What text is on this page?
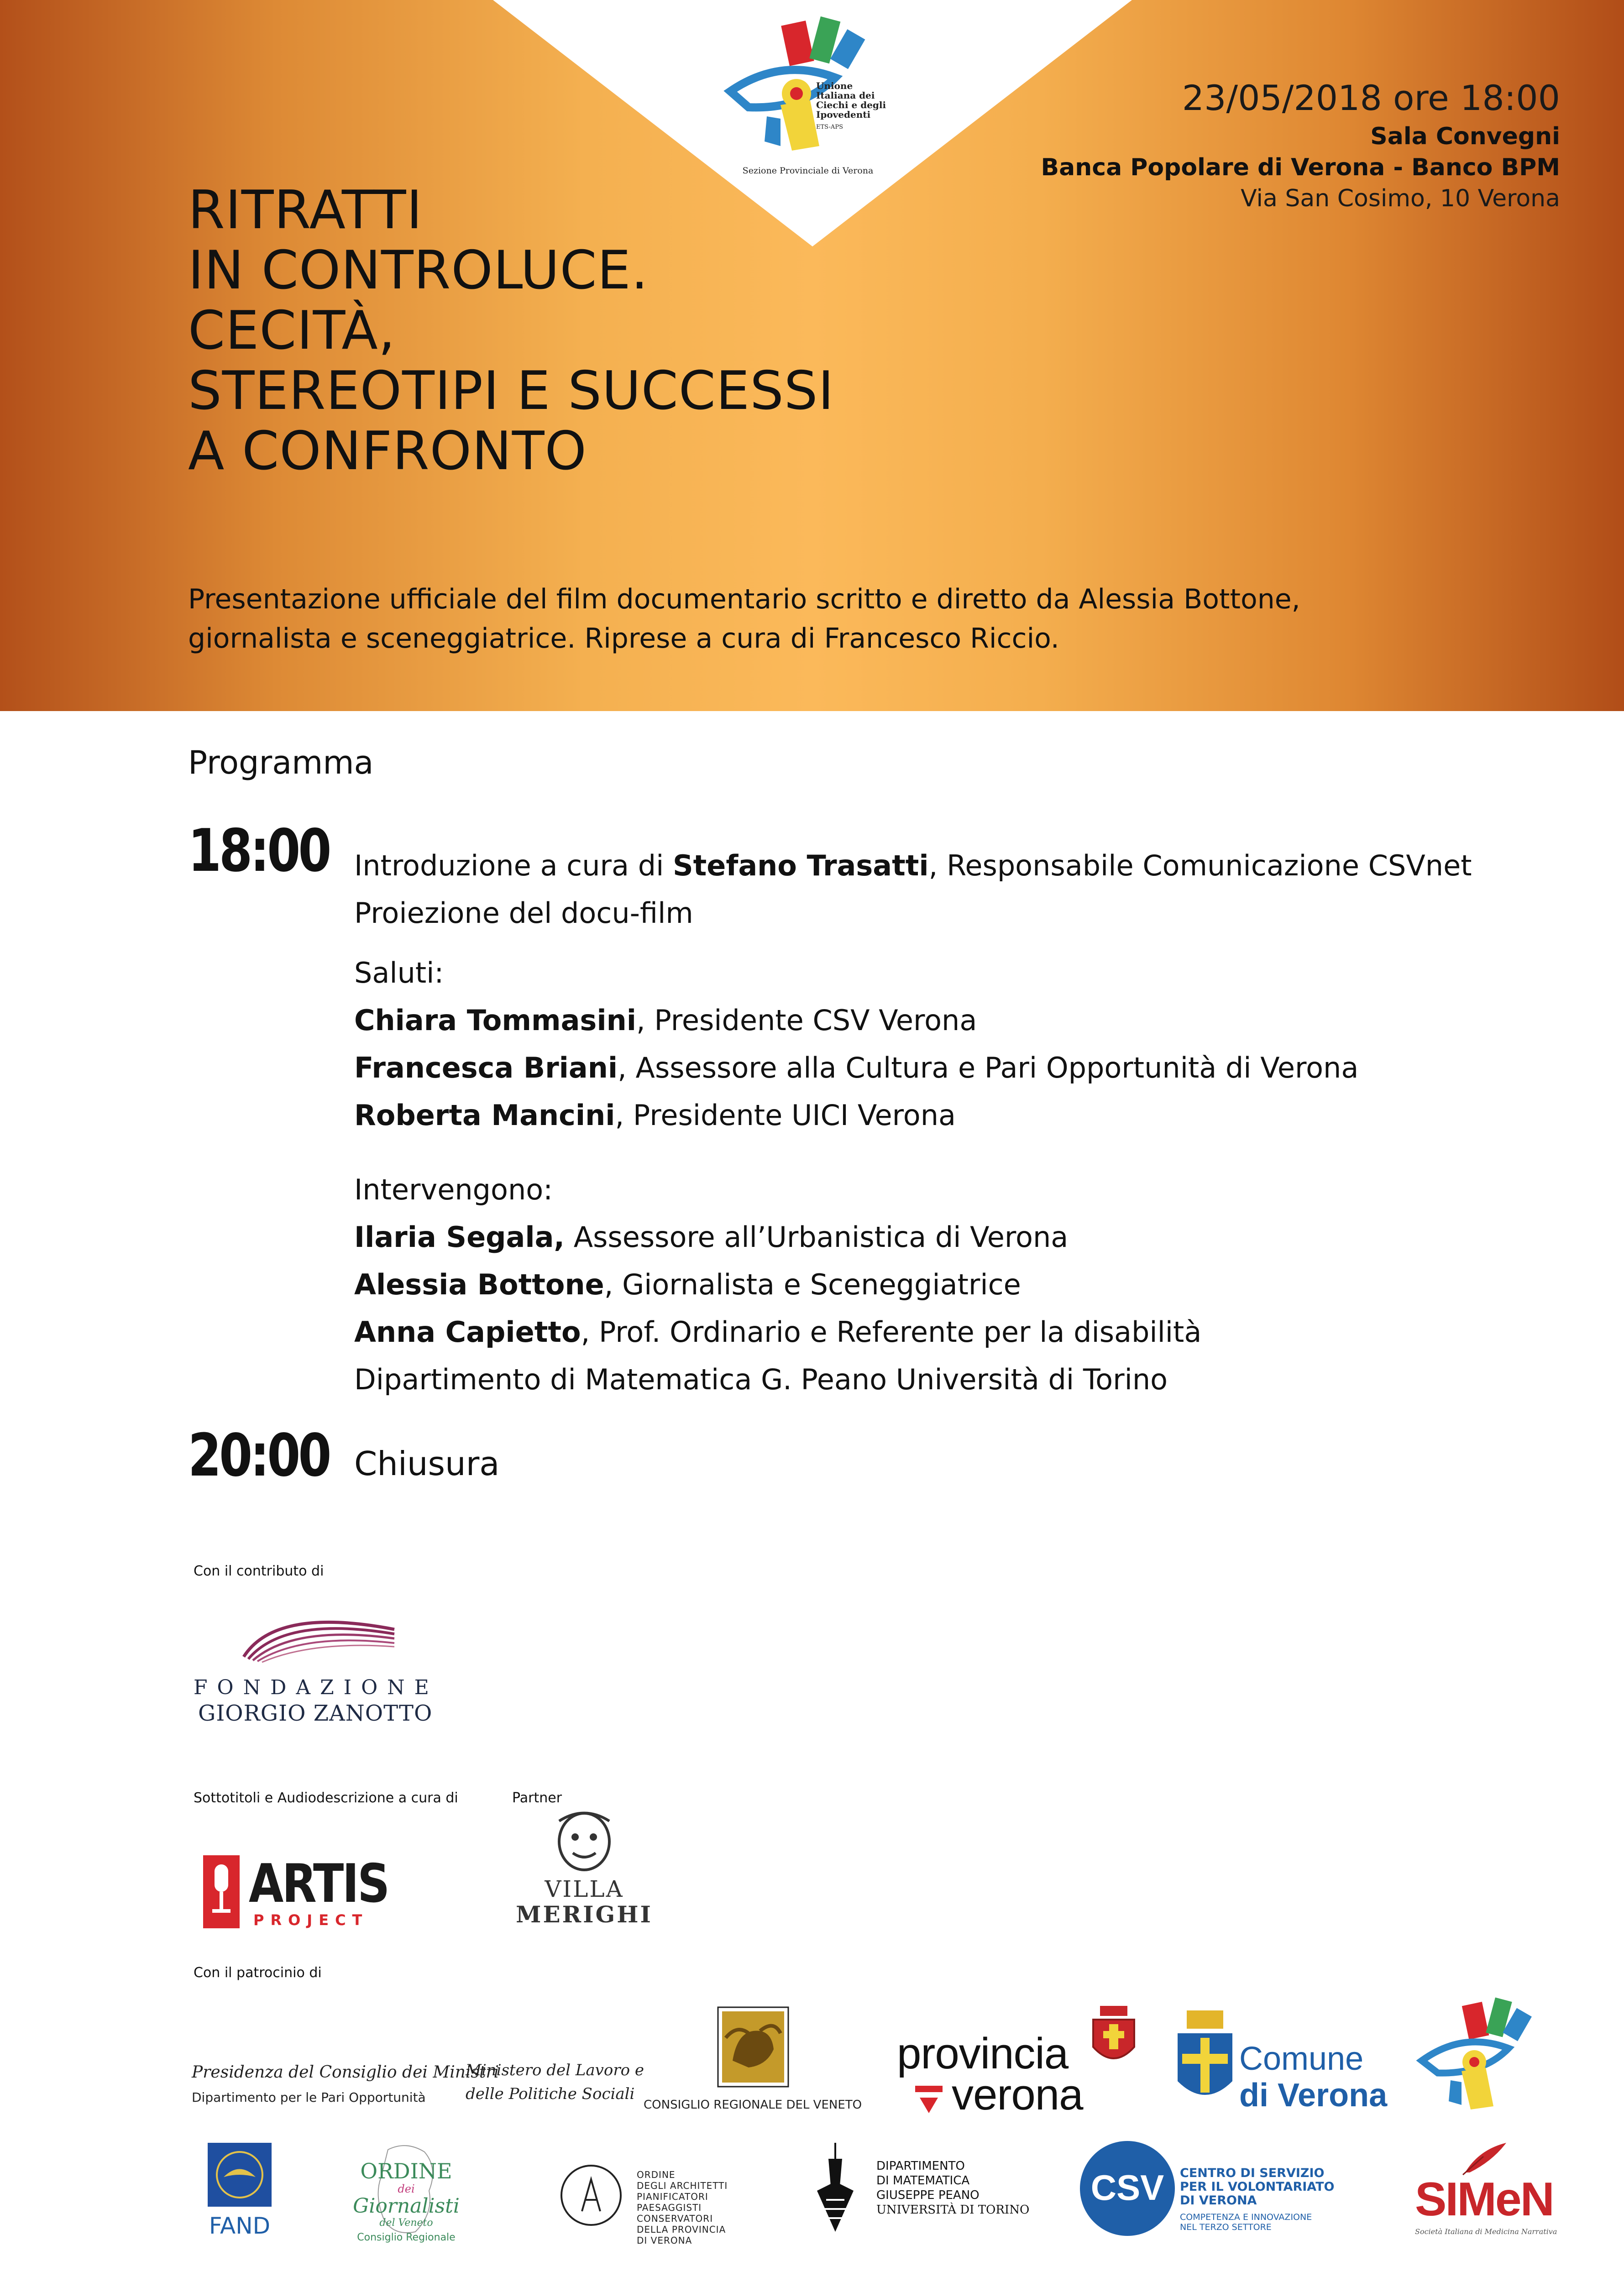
Unione
Italiana dei
Ciechi e degli
Ipovedenti
ETS-APS
Sezione Provinciale di Verona
23/05/2018 ore 18:00
Sala Convegni
Banca Popolare di Verona - Banco BPM
Via San Cosimo, 10 Verona
RITRATTI
IN CONTROLUCE.
CECITÀ,
STEREOTIPI E SUCCESSI
A CONFRONTO
Presentazione ufficiale del film documentario scritto e diretto da Alessia Bottone,
giornalista e sceneggiatrice. Riprese a cura di Francesco Riccio.
Programma
18:00 Introduzione a cura di Stefano Trasatti, Responsabile Comunicazione CSVnet
Proiezione del docu-film
Saluti:
Chiara Tommasini, Presidente CSV Verona
Francesca Briani, Assessore alla Cultura e Pari Opportunità di Verona
Roberta Mancini, Presidente UICI Verona
Intervengono:
Ilaria Segala, Assessore all’Urbanistica di Verona
Alessia Bottone, Giornalista e Sceneggiatrice
Anna Capietto, Prof. Ordinario e Referente per la disabilità
Dipartimento di Matematica G. Peano Università di Torino
20:00 Chiusura
Con il contributo di
FONDAZIONE
GIORGIO ZANOTTO
Sottotitoli e Audiodescrizione a cura di	Partner
ARTIS
PROJECT
VILLA
MERIGHI
Con il patrocinio di
Presidenza del Consiglio dei Ministri
Dipartimento per le Pari Opportunità
Ministero del Lavoro e
delle Politiche Sociali
CONSIGLIO REGIONALE DEL VENETO
provincia
verona
Comune
di Verona
FAND
ORDINE
dei
Giornalisti
del Veneto
Consiglio Regionale
ORDINE
DEGLI ARCHITETTI
PIANIFICATORI
PAESAGGISTI
CONSERVATORI
DELLA PROVINCIA
DI VERONA
DIPARTIMENTO
DI MATEMATICA
GIUSEPPE PEANO
UNIVERSITÀ DI TORINO
CSV CENTRO DI SERVIZIO
PER IL VOLONTARIATO
DI VERONA
COMPETENZA E INNOVAZIONE
NEL TERZO SETTORE
SIMeN
Società Italiana di Medicina Narrativa
